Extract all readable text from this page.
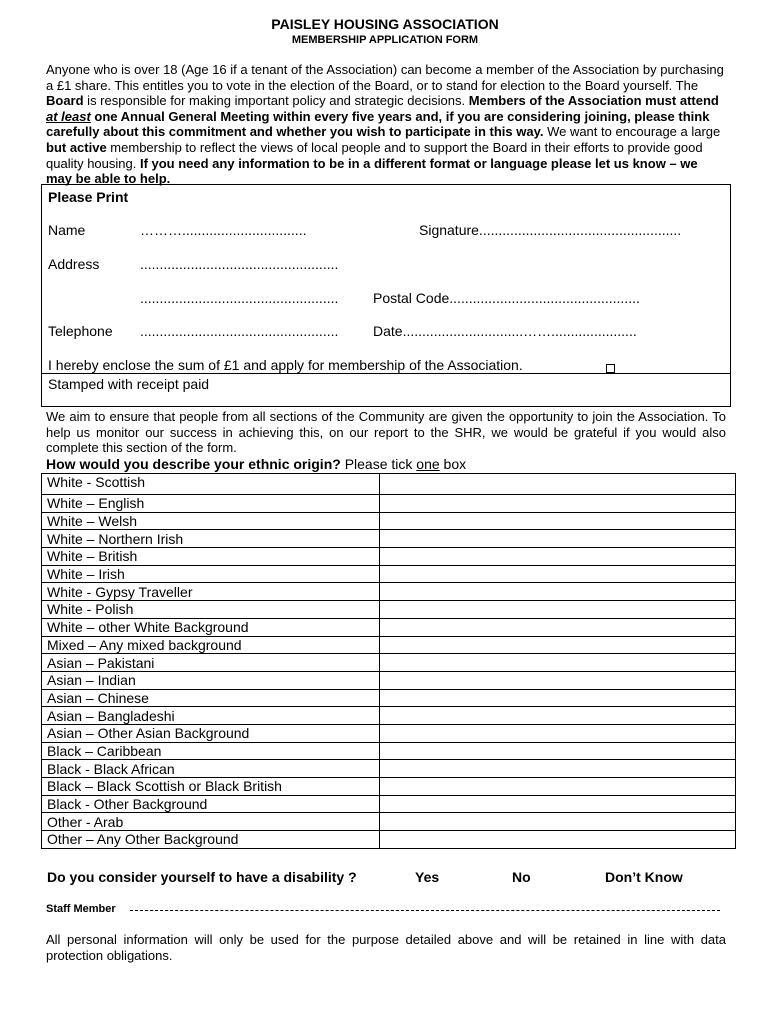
PAISLEY HOUSING ASSOCIATION
MEMBERSHIP APPLICATION FORM
Anyone who is over 18 (Age 16 if a tenant of the Association) can become a member of the Association by purchasing a £1 share. This entitles you to vote in the election of the Board, or to stand for election to the Board yourself. The Board is responsible for making important policy and strategic decisions. Members of the Association must attend at least one Annual General Meeting within every five years and, if you are considering joining, please think carefully about this commitment and whether you wish to participate in this way. We want to encourage a large but active membership to reflect the views of local people and to support the Board in their efforts to provide good quality housing. If you need any information to be in a different format or language please let us know – we may be able to help.
Please Print
Name	………................................	Signature....................................................
Address	...................................................
................................................... Postal Code.................................................
Telephone ................................................... Date...............................……......................
I hereby enclose the sum of £1 and apply for membership of the Association.
Stamped with receipt paid
We aim to ensure that people from all sections of the Community are given the opportunity to join the Association. To help us monitor our success in achieving this, on our report to the SHR, we would be grateful if you would also complete this section of the form.
How would you describe your ethnic origin? Please tick one box
White - Scottish	
White – English	
White – Welsh	
White – Northern Irish	
White – British	
White – Irish	
White - Gypsy Traveller	
White - Polish	
White – other White Background	
Mixed – Any mixed background	
Asian – Pakistani	
Asian – Indian	
Asian – Chinese	
Asian – Bangladeshi	
Asian – Other Asian Background	
Black – Caribbean	
Black - Black African	
Black – Black Scottish or Black British	
Black - Other Background	
Other - Arab	
Other – Any Other Background	
Do you consider yourself to have a disability ?	Yes	No	Don’t Know
Staff Member
All personal information will only be used for the purpose detailed above and will be retained in line with data protection obligations.
